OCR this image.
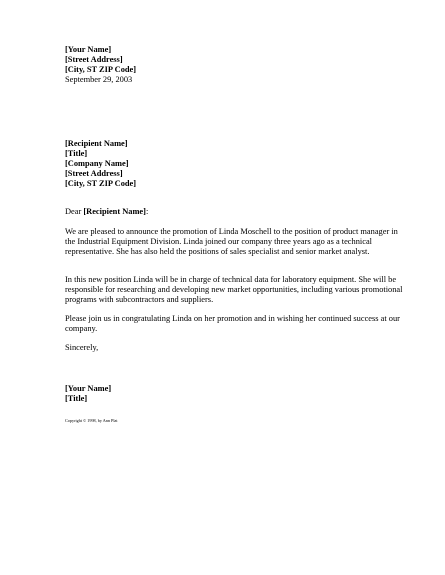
[Your Name]
[Street Address]
[City, ST ZIP Code]
September 29, 2003
[Recipient Name]
[Title]
[Company Name]
[Street Address]
[City, ST ZIP Code]
Dear [Recipient Name]:
We are pleased to announce the promotion of Linda Moschell to the position of product manager in the Industrial Equipment Division. Linda joined our company three years ago as a technical representative. She has also held the positions of sales specialist and senior market analyst.
In this new position Linda will be in charge of technical data for laboratory equipment. She will be responsible for researching and developing new market opportunities, including various promotional programs with subcontractors and suppliers.
Please join us in congratulating Linda on her promotion and in wishing her continued success at our company.
Sincerely,
[Your Name]
[Title]
Copyright © 1998, by Ann Plat
